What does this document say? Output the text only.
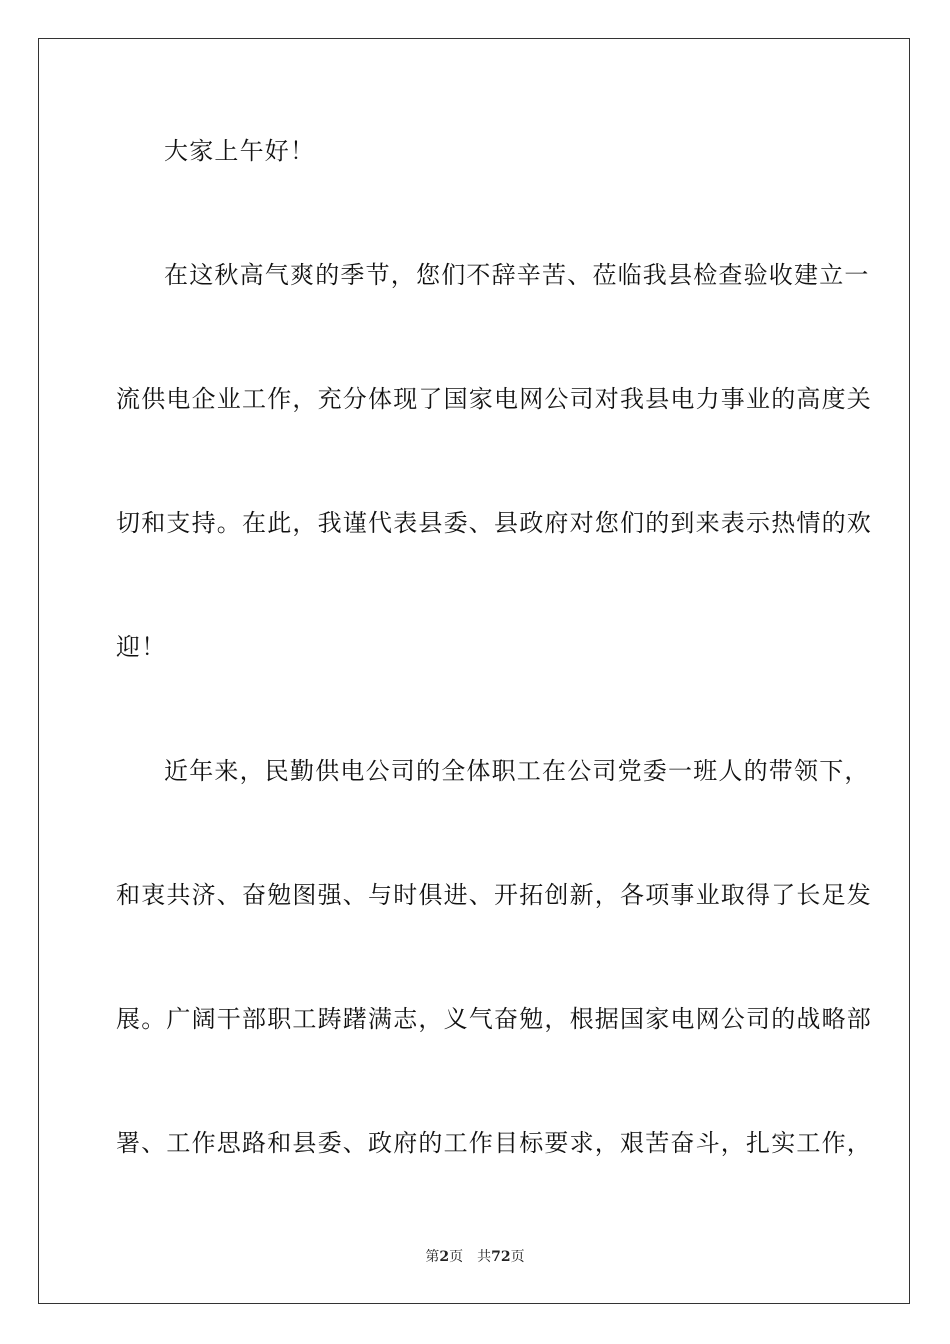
大家上午好！
在这秋高气爽的季节，您们不辞辛苦、莅临我县检查验收建立一
流供电企业工作，充分体现了国家电网公司对我县电力事业的高度关
切和支持。在此，我谨代表县委、县政府对您们的到来表示热情的欢
迎！
近年来，民勤供电公司的全体职工在公司党委一班人的带领下，
和衷共济、奋勉图强、与时俱进、开拓创新，各项事业取得了长足发
展。广阔干部职工踌躇满志，义气奋勉，根据国家电网公司的战略部
署、工作思路和县委、政府的工作目标要求，艰苦奋斗，扎实工作，
第2页 共72页
